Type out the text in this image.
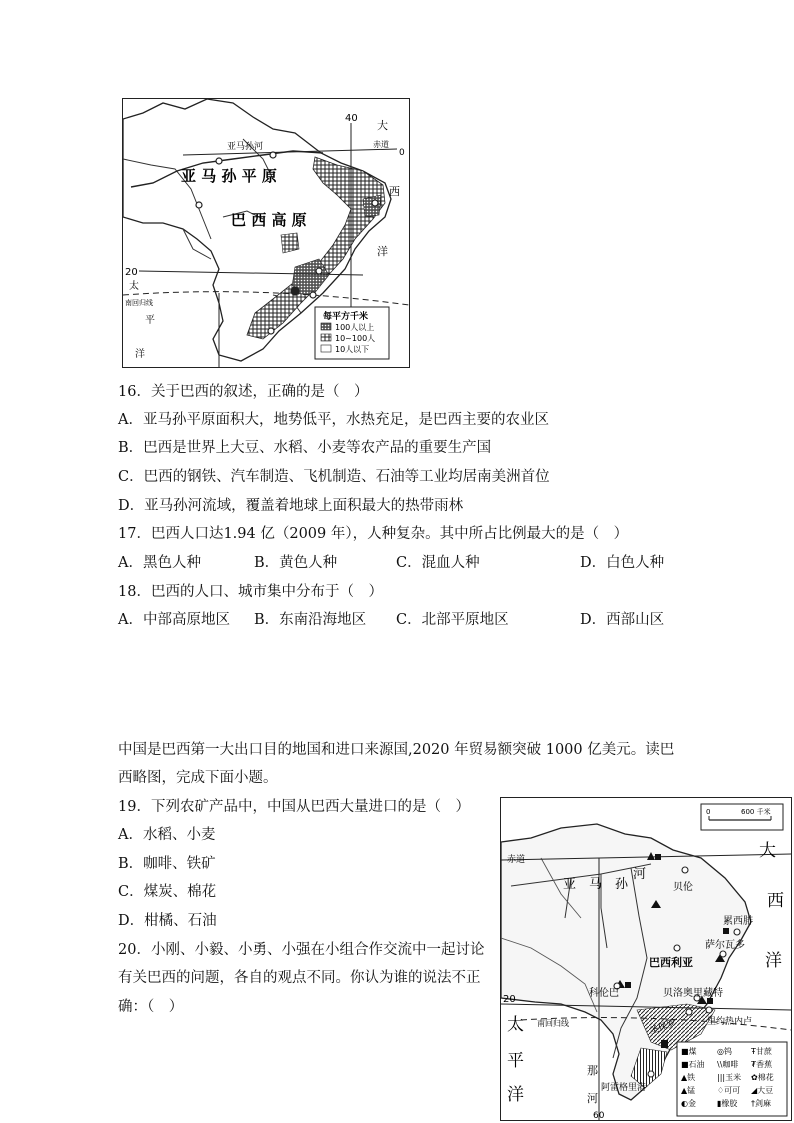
40
大
赤道
0
亚马孙河
亚 马 孙 平 原
西
巴 西 高 原
洋
20
太
南回归线
平
洋
每平方千米
100人以上
10~100人
10人以下
16．关于巴西的叙述，正确的是（　）
A．亚马孙平原面积大，地势低平，水热充足，是巴西主要的农业区
B．巴西是世界上大豆、水稻、小麦等农产品的重要生产国
C．巴西的钢铁、汽车制造、飞机制造、石油等工业均居南美洲首位
D．亚马孙河流域，覆盖着地球上面积最大的热带雨林
17．巴西人口达1.94 亿（2009 年），人种复杂。其中所占比例最大的是（　）
A．黑色人种	B．黄色人种	C．混血人种	D．白色人种
18．巴西的人口、城市集中分布于（　）
A．中部高原地区 B．东南沿海地区 C．北部平原地区	D．西部山区
中国是巴西第一大出口目的地国和进口来源国,2020 年贸易额突破 1000 亿美元。读巴
西略图，完成下面小题。
19．下列农矿产品中，中国从巴西大量进口的是（　）
A．水稻、小麦
B．咖啡、铁矿
C．煤炭、棉花
D．柑橘、石油
20．小刚、小毅、小勇、小强在小组合作交流中一起讨论
有关巴西的问题，各自的观点不同。你认为谁的说法不正
确：（　）
0	600 千米
赤道
亚　马　孙
河
贝伦
大
西
洋
累西腓
萨尔瓦多
巴西利亚
科伦巴	贝洛奥里藏特
20
太 南回归线	圣保罗	里约热内卢
平	那
阿雷格里港
洋	河
60
■煤	◎钨 Ŧ甘蔗
■石油 \\咖啡 ₮香蕉
▲铁	|||玉米 ✿棉花
▲锰	♢可可 ◢大豆
◐金	▮橡胶 †剑麻
